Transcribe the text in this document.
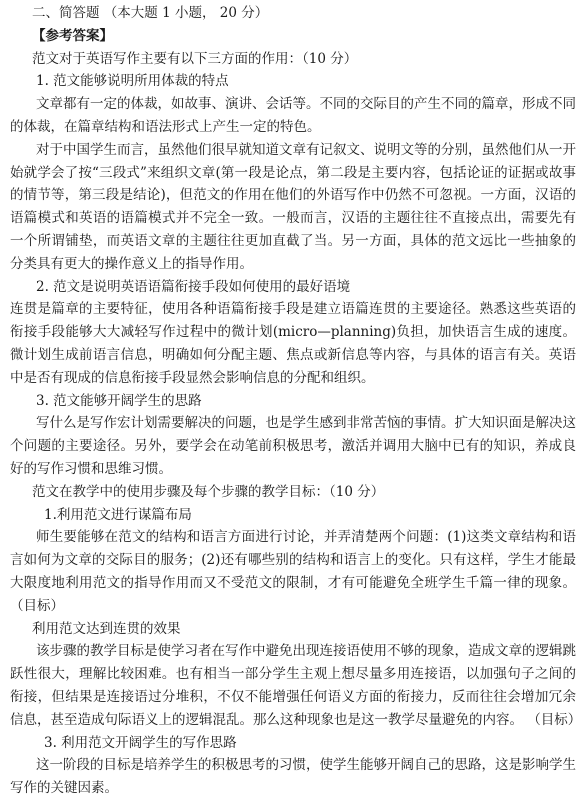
二、简答题 （本大题 1 小题， 20 分）
【参考答案】
范文对于英语写作主要有以下三方面的作用：（10 分）
1. 范文能够说明所用体裁的特点
文章都有一定的体裁，如故事、演讲、会话等。不同的交际目的产生不同的篇章，形成不同的体裁，在篇章结构和语法形式上产生一定的特色。
对于中国学生而言，虽然他们很早就知道文章有记叙文、说明文等的分别，虽然他们从一开始就学会了按“三段式”来组织文章(第一段是论点，第二段是主要内容，包括论证的证据或故事的情节等，第三段是结论)，但范文的作用在他们的外语写作中仍然不可忽视。一方面，汉语的语篇模式和英语的语篇模式并不完全一致。一般而言，汉语的主题往往不直接点出，需要先有一个所谓铺垫，而英语文章的主题往往更加直截了当。另一方面，具体的范文远比一些抽象的分类具有更大的操作意义上的指导作用。
2. 范文是说明英语语篇衔接手段如何使用的最好语境
连贯是篇章的主要特征，使用各种语篇衔接手段是建立语篇连贯的主要途径。熟悉这些英语的衔接手段能够大大减轻写作过程中的微计划(micro—planning)负担，加快语言生成的速度。微计划生成前语言信息，明确如何分配主题、焦点或新信息等内容，与具体的语言有关。英语中是否有现成的信息衔接手段显然会影响信息的分配和组织。
3. 范文能够开阔学生的思路
写什么是写作宏计划需要解决的问题，也是学生感到非常苦恼的事情。扩大知识面是解决这个问题的主要途径。另外，要学会在动笔前积极思考，激活并调用大脑中已有的知识，养成良好的写作习惯和思维习惯。
范文在教学中的使用步骤及每个步骤的教学目标：（10 分）
1.利用范文进行谋篇布局
师生要能够在范文的结构和语言方面进行讨论，并弄清楚两个问题：(1)这类文章结构和语言如何为文章的交际目的服务；(2)还有哪些别的结构和语言上的变化。只有这样，学生才能最大限度地利用范文的指导作用而又不受范文的限制，才有可能避免全班学生千篇一律的现象。（目标）
利用范文达到连贯的效果
该步骤的教学目标是使学习者在写作中避免出现连接语使用不够的现象，造成文章的逻辑跳跃性很大，理解比较困难。也有相当一部分学生主观上想尽量多用连接语，以加强句子之间的衔接，但结果是连接语过分堆积，不仅不能增强任何语义方面的衔接力，反而往往会增加冗余信息，甚至造成句际语义上的逻辑混乱。那么这种现象也是这一教学尽量避免的内容。 （目标）
3. 利用范文开阔学生的写作思路
这一阶段的目标是培养学生的积极思考的习惯，使学生能够开阔自己的思路，这是影响学生写作的关键因素。
